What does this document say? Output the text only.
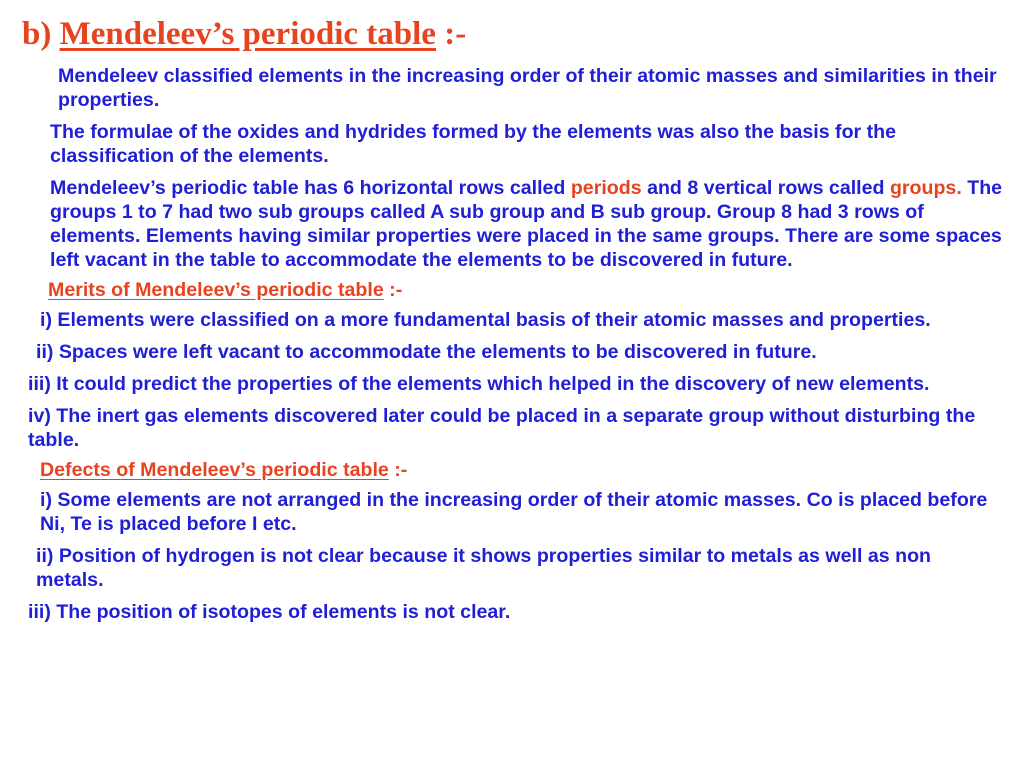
b) Mendeleev’s periodic table :-

Mendeleev classified elements in the increasing order of their atomic masses and similarities in their properties.

The formulae of the oxides and hydrides formed by the elements was also the basis for the classification of the elements.

Mendeleev’s periodic table has 6 horizontal rows called periods and 8 vertical rows called groups. The groups 1 to 7 had two sub groups called A sub group and B sub group. Group 8 had 3 rows of elements. Elements having similar properties were placed in the same groups. There are some spaces left vacant in the table to accommodate the elements to be discovered in future.

Merits of Mendeleev’s periodic table :-

i) Elements were classified on a more fundamental basis of their atomic masses and properties.

ii) Spaces were left vacant to accommodate the elements to be discovered in future.

iii) It could predict the properties of the elements which helped in the discovery of new elements.

iv) The inert gas elements discovered later could be placed in a separate group without disturbing the table.

Defects of Mendeleev’s periodic table :-

i) Some elements are not arranged in the increasing order of their atomic masses. Co is placed before Ni, Te is placed before I etc.

ii) Position of hydrogen is not clear because it shows properties similar to metals as well as non metals.

iii) The position of isotopes of elements is not clear.
